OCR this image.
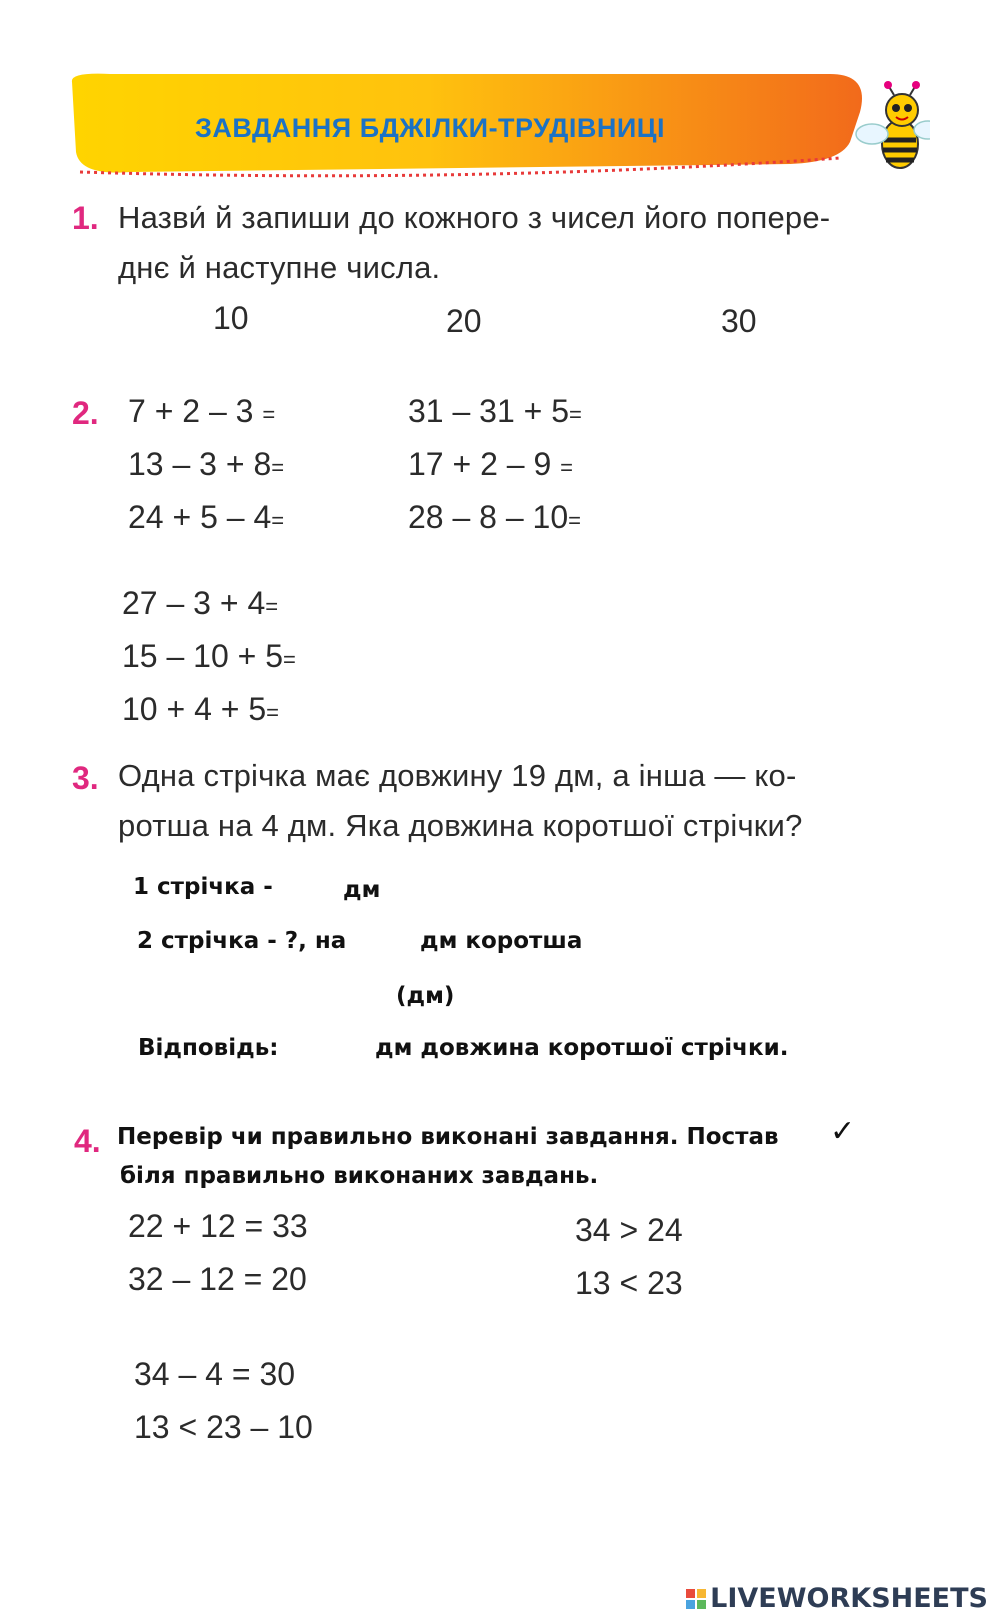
ЗАВДАННЯ БДЖІЛКИ-ТРУДІВНИЦІ
1. Назви́ й запиши до кожного з чисел його попере-
днє й наступне числа.
10	20	30
2. 7 + 2 – 3 =
13 – 3 + 8=
24 + 5 – 4=
31 – 31 + 5=
17 + 2 – 9 =
28 – 8 – 10=
27 – 3 + 4=
15 – 10 + 5=
10 + 4 + 5=
3. Одна стрічка має довжину 19 дм, а інша — ко-
ротша на 4 дм. Яка довжина коротшої стрічки?
1 стрічка -	дм
2 стрічка - ?, на	дм коротша
(дм)
Відповідь:	дм довжина коротшої стрічки.
4. Перевір чи правильно виконані завдання. Постав ✓
біля правильно виконаних завдань.
22 + 12 = 33
32 – 12 = 20
34 > 24
13 < 23
34 – 4 = 30
13 < 23 – 10
LIVEWORKSHEETS
